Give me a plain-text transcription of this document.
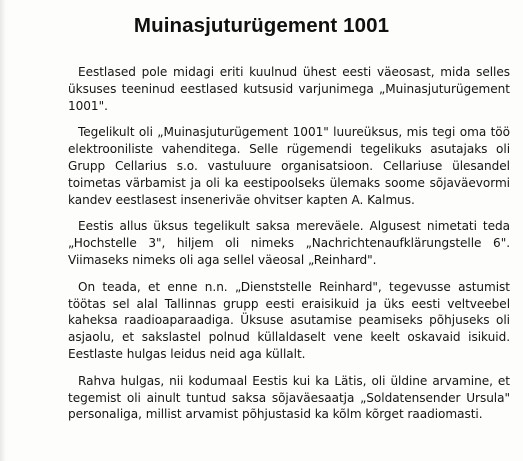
Muinasjuturügement 1001

Eestlased pole midagi eriti kuulnud ühest eesti väeosast, mida selles üksuses teeninud eestlased kutsusid varjunimega „Muinasjuturügement 1001".

Tegelikult oli „Muinasjuturügement 1001" luureüksus, mis tegi oma töö elektrooniliste vahenditega. Selle rügemendi tegelikuks asutajaks oli Grupp Cellarius s.o. vastuluure organisatsioon. Cellariuse ülesandel toimetas värbamist ja oli ka eestipoolseks ülemaks soome sõjaväevormi kandev eestlasest inseneriväe ohvitser kapten A. Kalmus.

Eestis allus üksus tegelikult saksa mereväele. Algusest nimetati teda „Hochstelle 3", hiljem oli nimeks „Nachrichtenaufklärungstelle 6". Viimaseks nimeks oli aga sellel väeosal „Reinhard".

On teada, et enne n.n. „Dienststelle Reinhard", tegevusse astumist töötas sel alal Tallinnas grupp eesti eraisikuid ja üks eesti veltveebel kaheksa raadioaparaadiga. Üksuse asutamise peamiseks põhjuseks oli asjaolu, et sakslastel polnud küllaldaselt vene keelt oskavaid isikuid. Eestlaste hulgas leidus neid aga küllalt.

Rahva hulgas, nii kodumaal Eestis kui ka Lätis, oli üldine arvamine, et tegemist oli ainult tuntud saksa sõjaväesaatja „Soldatensender Ursula" personaliga, millist arvamist põhjustasid ka kõlm kõrget raadiomasti.
